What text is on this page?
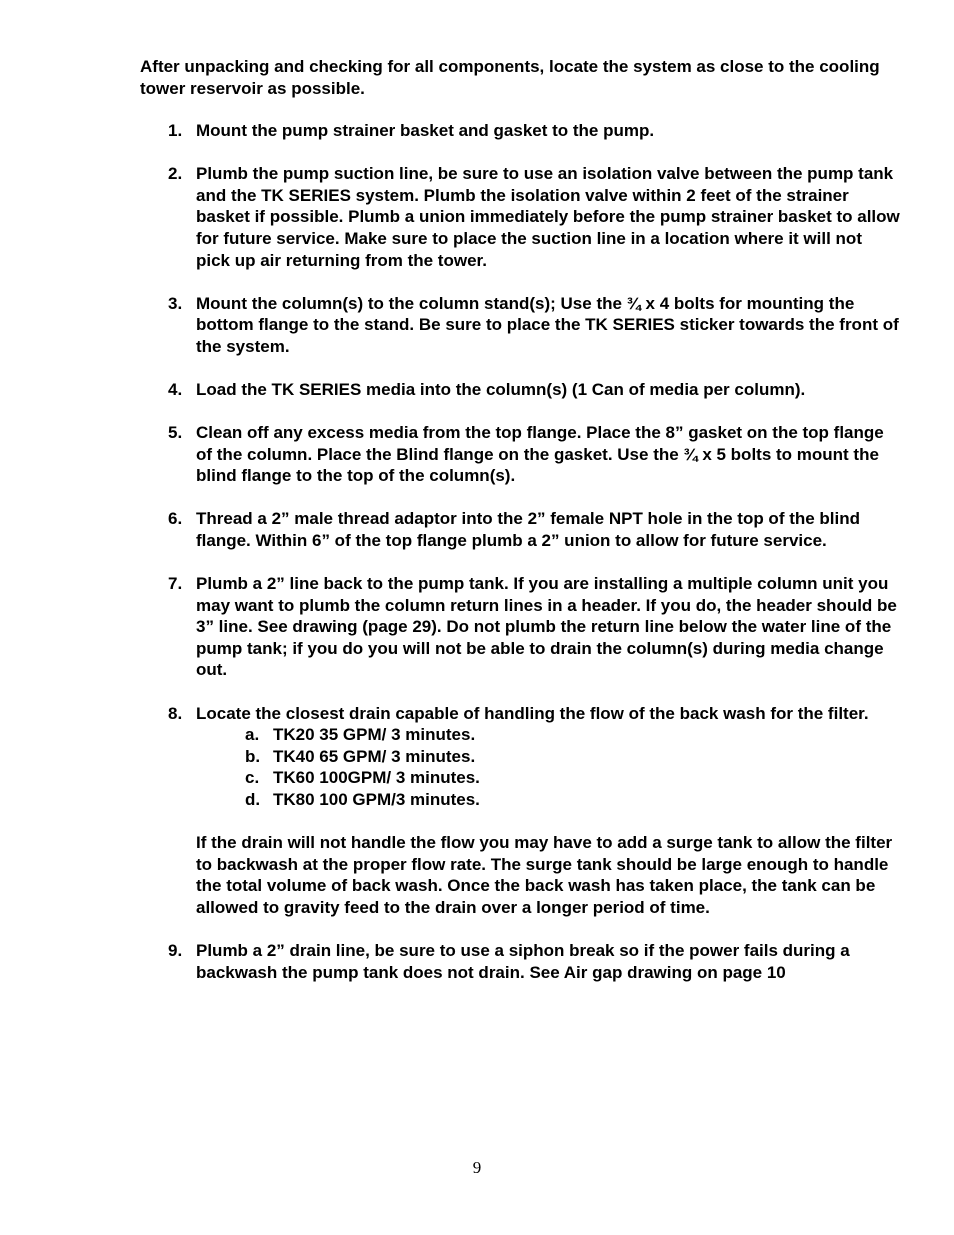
After unpacking and checking for all components, locate the system as close to the cooling tower reservoir as possible.

1. Mount the pump strainer basket and gasket to the pump.
2. Plumb the pump suction line, be sure to use an isolation valve between the pump tank and the TK SERIES system. Plumb the isolation valve within 2 feet of the strainer basket if possible. Plumb a union immediately before the pump strainer basket to allow for future service. Make sure to place the suction line in a location where it will not pick up air returning from the tower.
3. Mount the column(s) to the column stand(s); Use the ¾ x 4 bolts for mounting the bottom flange to the stand. Be sure to place the TK SERIES sticker towards the front of the system.
4. Load the TK SERIES media into the column(s) (1 Can of media per column).
5. Clean off any excess media from the top flange. Place the 8” gasket on the top flange of the column. Place the Blind flange on the gasket. Use the ¾ x 5 bolts to mount the blind flange to the top of the column(s).
6. Thread a 2” male thread adaptor into the 2” female NPT hole in the top of the blind flange. Within 6” of the top flange plumb a 2” union to allow for future service.
7. Plumb a 2” line back to the pump tank. If you are installing a multiple column unit you may want to plumb the column return lines in a header. If you do, the header should be 3” line. See drawing (page 29). Do not plumb the return line below the water line of the pump tank; if you do you will not be able to drain the column(s) during media change out.
8. Locate the closest drain capable of handling the flow of the back wash for the filter.
a. TK20 35 GPM/ 3 minutes.
b. TK40 65 GPM/ 3 minutes.
c. TK60 100GPM/ 3 minutes.
d. TK80 100 GPM/3 minutes.
If the drain will not handle the flow you may have to add a surge tank to allow the filter to backwash at the proper flow rate. The surge tank should be large enough to handle the total volume of back wash. Once the back wash has taken place, the tank can be allowed to gravity feed to the drain over a longer period of time.
9. Plumb a 2” drain line, be sure to use a siphon break so if the power fails during a backwash the pump tank does not drain. See Air gap drawing on page 10
9
